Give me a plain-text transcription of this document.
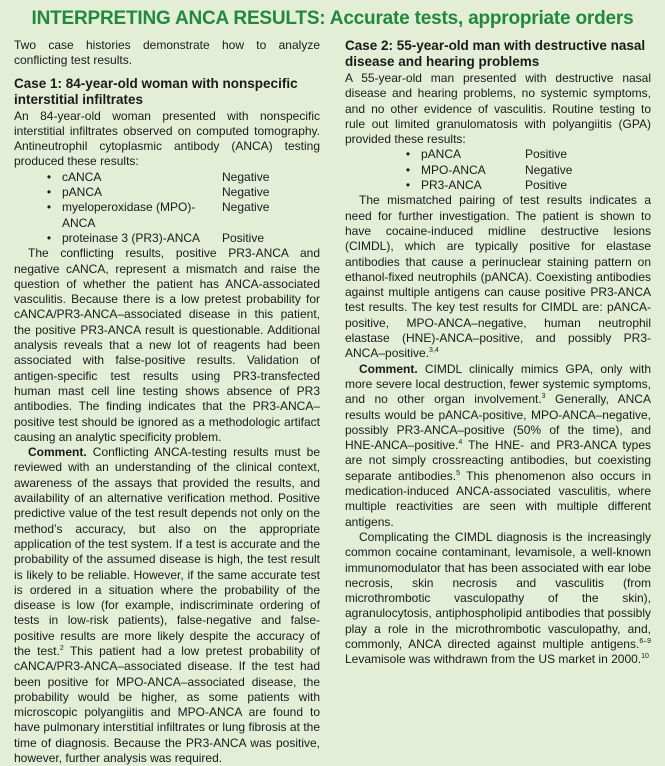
INTERPRETING ANCA RESULTS: Accurate tests, appropriate orders

Two case histories demonstrate how to analyze conflicting test results.

Case 1: 84-year-old woman with nonspecific interstitial infiltrates

An 84-year-old woman presented with nonspecific interstitial infiltrates observed on computed tomography. Antineutrophil cytoplasmic antibody (ANCA) testing produced these results:

• cANCA	Negative
• pANCA	Negative
• myeloperoxidase (MPO)-ANCA
Negative
• proteinase 3 (PR3)-ANCA	Positive

The conflicting results, positive PR3-ANCA and negative cANCA, represent a mismatch and raise the question of whether the patient has ANCA-associated vasculitis. Because there is a low pretest probability for cANCA/PR3-ANCA–associated disease in this patient, the positive PR3-ANCA result is questionable. Additional analysis reveals that a new lot of reagents had been associated with false-positive results. Validation of antigen-specific test results using PR3-transfected human mast cell line testing shows absence of PR3 antibodies. The finding indicates that the PR3-ANCA–positive test should be ignored as a methodologic artifact causing an analytic specificity problem.

Comment. Conflicting ANCA-testing results must be reviewed with an understanding of the clinical context, awareness of the assays that provided the results, and availability of an alternative verification method. Positive predictive value of the test result depends not only on the method’s accuracy, but also on the appropriate application of the test system. If a test is accurate and the probability of the assumed disease is high, the test result is likely to be reliable. However, if the same accurate test is ordered in a situation where the probability of the disease is low (for example, indiscriminate ordering of tests in low-risk patients), false-negative and false-positive results are more likely despite the accuracy of the test.$^2$ This patient had a low pretest probability of cANCA/PR3-ANCA–associated disease. If the test had been positive for MPO-ANCA–associated disease, the probability would be higher, as some patients with microscopic polyangiitis and MPO-ANCA are found to have pulmonary interstitial infiltrates or lung fibrosis at the time of diagnosis. Because the PR3-ANCA was positive, however, further analysis was required.

Case 2: 55-year-old man with destructive nasal disease and hearing problems

A 55-year-old man presented with destructive nasal disease and hearing problems, no systemic symptoms, and no other evidence of vasculitis. Routine testing to rule out limited granulomatosis with polyangiitis (GPA) provided these results:

• pANCA	Positive
• MPO-ANCA	Negative
• PR3-ANCA	Positive

The mismatched pairing of test results indicates a need for further investigation. The patient is shown to have cocaine-induced midline destructive lesions (CIMDL), which are typically positive for elastase antibodies that cause a perinuclear staining pattern on ethanol-fixed neutrophils (pANCA). Coexisting antibodies against multiple antigens can cause positive PR3-ANCA test results. The key test results for CIMDL are: pANCA-positive, MPO-ANCA–negative, human neutrophil elastase (HNE)-ANCA–positive, and possibly PR3-ANCA–positive.$^{3,4}$

Comment. CIMDL clinically mimics GPA, only with more severe local destruction, fewer systemic symptoms, and no other organ involvement.$^3$ Generally, ANCA results would be pANCA-positive, MPO-ANCA–negative, possibly PR3-ANCA–positive (50% of the time), and HNE-ANCA–positive.$^4$ The HNE- and PR3-ANCA types are not simply crossreacting antibodies, but coexisting separate antibodies.$^5$ This phenomenon also occurs in medication-induced ANCA-associated vasculitis, where multiple reactivities are seen with multiple different antigens.

Complicating the CIMDL diagnosis is the increasingly common cocaine contaminant, levamisole, a well-known immunomodulator that has been associated with ear lobe necrosis, skin necrosis and vasculitis (from microthrombotic vasculopathy of the skin), agranulocytosis, antiphospholipid antibodies that possibly play a role in the microthrombotic vasculopathy, and, commonly, ANCA directed against multiple antigens.$^{6-9}$ Levamisole was withdrawn from the US market in 2000.10
